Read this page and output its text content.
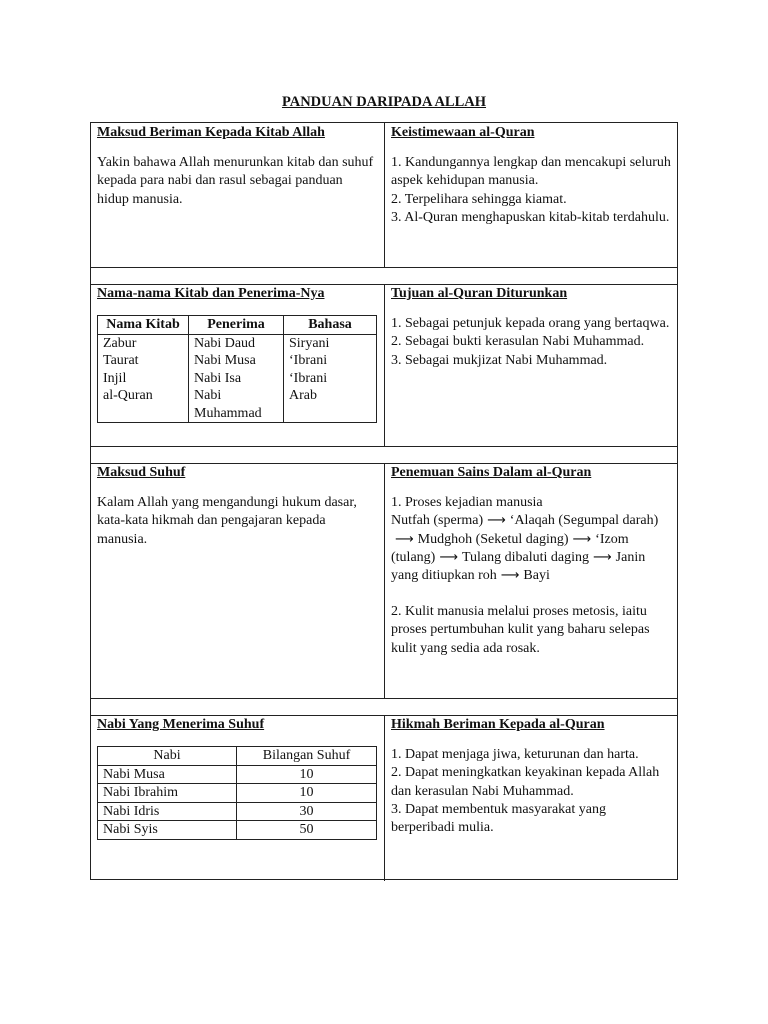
PANDUAN DARIPADA ALLAH
Maksud Beriman Kepada Kitab Allah
Yakin bahawa Allah menurunkan kitab dan suhuf kepada para nabi dan rasul sebagai panduan hidup manusia.
Keistimewaan al-Quran
1. Kandungannya lengkap dan mencakupi seluruh aspek kehidupan manusia.
2. Terpelihara sehingga kiamat.
3. Al-Quran menghapuskan kitab-kitab terdahulu.
Nama-nama Kitab dan Penerima-Nya
Nama Kitab	Penerima	Bahasa
Zabur	Nabi Daud	Siryani
Taurat	Nabi Musa	‘Ibrani
Injil	Nabi Isa	‘Ibrani
al-Quran	Nabi Muhammad	Arab
Tujuan al-Quran Diturunkan
1. Sebagai petunjuk kepada orang yang bertaqwa.
2. Sebagai bukti kerasulan Nabi Muhammad.
3. Sebagai mukjizat Nabi Muhammad.
Maksud Suhuf
Kalam Allah yang mengandungi hukum dasar, kata-kata hikmah dan pengajaran kepada manusia.
Penemuan Sains Dalam al-Quran
1. Proses kejadian manusia
Nutfah (sperma) ⟶ ‘Alaqah (Segumpal darah)⟶ Mudghoh (Seketul daging) ⟶ ‘Izom (tulang) ⟶ Tulang dibaluti daging ⟶ Janin yang ditiupkan roh ⟶ Bayi
2. Kulit manusia melalui proses metosis, iaitu proses pertumbuhan kulit yang baharu selepas kulit yang sedia ada rosak.
Nabi Yang Menerima Suhuf
Nabi	Bilangan Suhuf
Nabi Musa	10
Nabi Ibrahim	10
Nabi Idris	30
Nabi Syis	50
Hikmah Beriman Kepada al-Quran
1. Dapat menjaga jiwa, keturunan dan harta.
2. Dapat meningkatkan keyakinan kepada Allah dan kerasulan Nabi Muhammad.
3. Dapat membentuk masyarakat yang berperibadi mulia.
